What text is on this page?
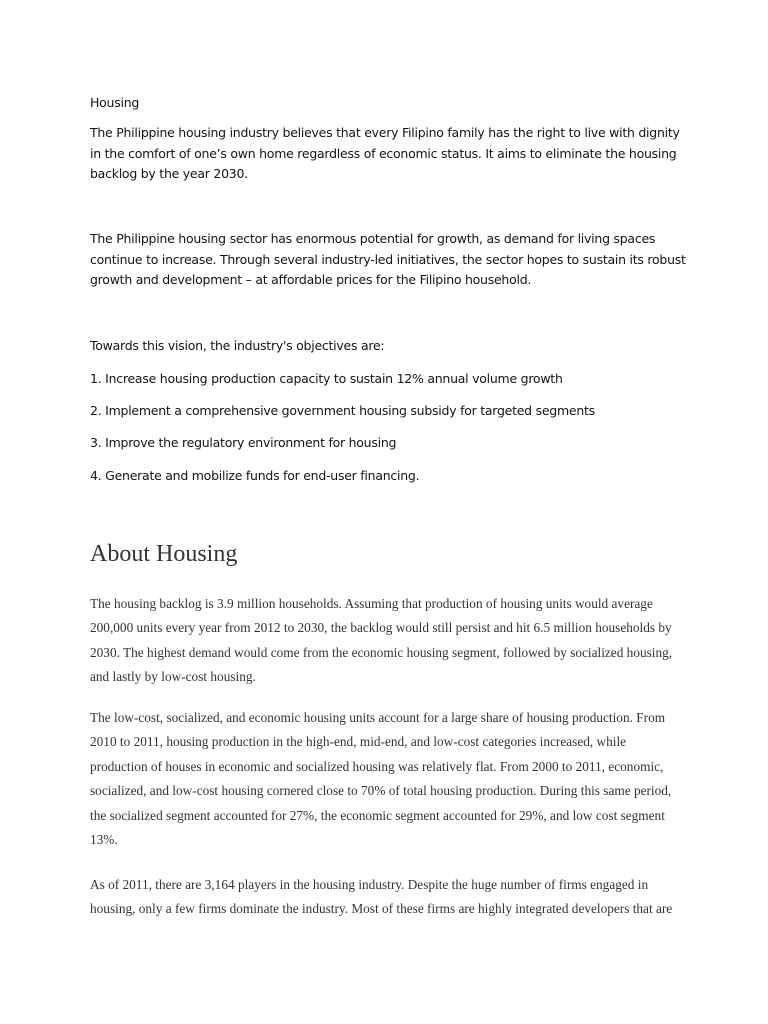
Housing

The Philippine housing industry believes that every Filipino family has the right to live with dignity in the comfort of one’s own home regardless of economic status. It aims to eliminate the housing backlog by the year 2030.

The Philippine housing sector has enormous potential for growth, as demand for living spaces continue to increase. Through several industry-led initiatives, the sector hopes to sustain its robust growth and development – at affordable prices for the Filipino household.

Towards this vision, the industry's objectives are:

1. Increase housing production capacity to sustain 12% annual volume growth

2. Implement a comprehensive government housing subsidy for targeted segments

3. Improve the regulatory environment for housing

4. Generate and mobilize funds for end-user financing.

About Housing

The housing backlog is 3.9 million households. Assuming that production of housing units would average 200,000 units every year from 2012 to 2030, the backlog would still persist and hit 6.5 million households by 2030. The highest demand would come from the economic housing segment, followed by socialized housing, and lastly by low-cost housing.

The low-cost, socialized, and economic housing units account for a large share of housing production. From 2010 to 2011, housing production in the high-end, mid-end, and low-cost categories increased, while production of houses in economic and socialized housing was relatively flat. From 2000 to 2011, economic, socialized, and low-cost housing cornered close to 70% of total housing production. During this same period, the socialized segment accounted for 27%, the economic segment accounted for 29%, and low cost segment 13%.

As of 2011, there are 3,164 players in the housing industry. Despite the huge number of firms engaged in housing, only a few firms dominate the industry. Most of these firms are highly integrated developers that are
